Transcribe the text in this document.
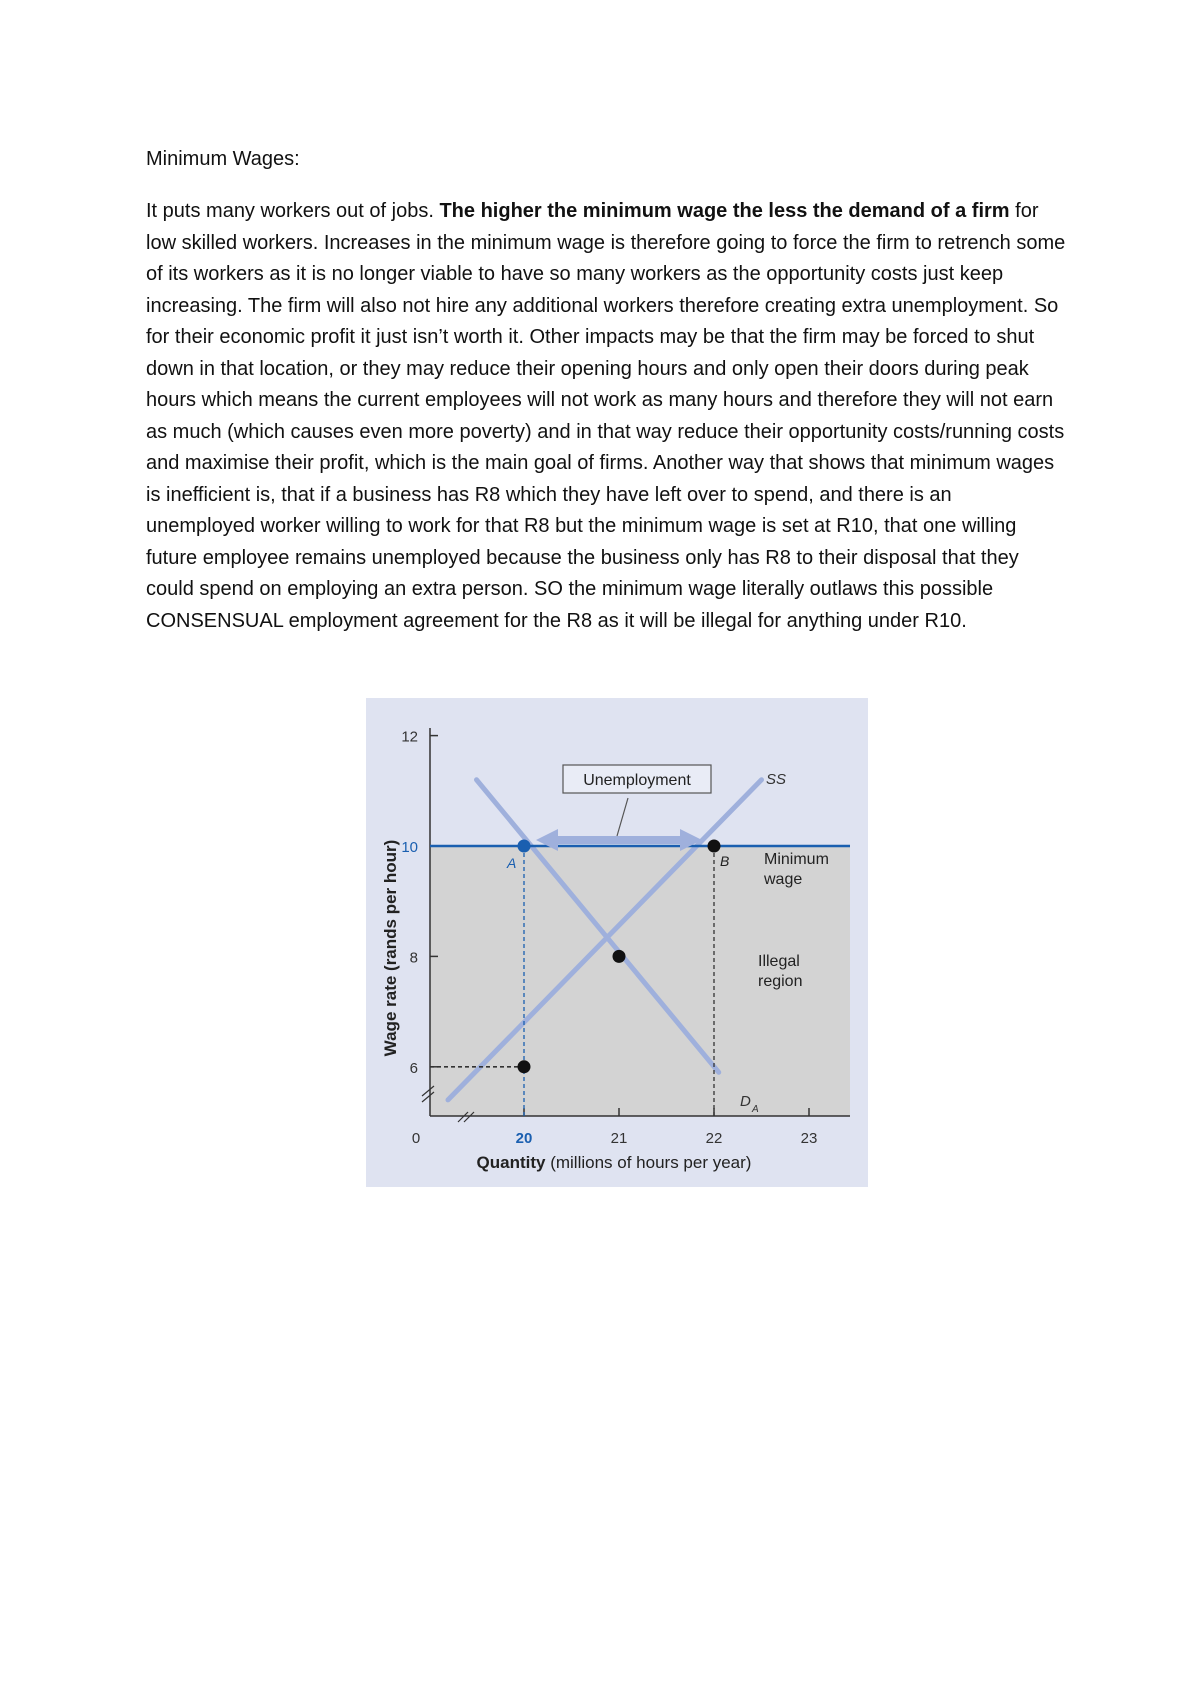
Minimum Wages:
It puts many workers out of jobs. The higher the minimum wage the less the demand of a firm for low skilled workers. Increases in the minimum wage is therefore going to force the firm to retrench some of its workers as it is no longer viable to have so many workers as the opportunity costs just keep increasing. The firm will also not hire any additional workers therefore creating extra unemployment. So for their economic profit it just isn’t worth it. Other impacts may be that the firm may be forced to shut down in that location, or they may reduce their opening hours and only open their doors during peak hours which means the current employees will not work as many hours and therefore they will not earn as much (which causes even more poverty) and in that way reduce their opportunity costs/running costs and maximise their profit, which is the main goal of firms. Another way that shows that minimum wages is inefficient is, that if a business has R8 which they have left over to spend, and there is an unemployed worker willing to work for that R8 but the minimum wage is set at R10, that one willing future employee remains unemployed because the business only has R8 to their disposal that they could spend on employing an extra person. SO the minimum wage literally outlaws this possible CONSENSUAL employment agreement for the R8 as it will be illegal for anything under R10.
6
8
10
12
0	20	21	22	23
Unemployment
A	B
SS
D A
Minimum
wage
Illegal
region
Wage rate (rands per hour)
Quantity (millions of hours per year)
